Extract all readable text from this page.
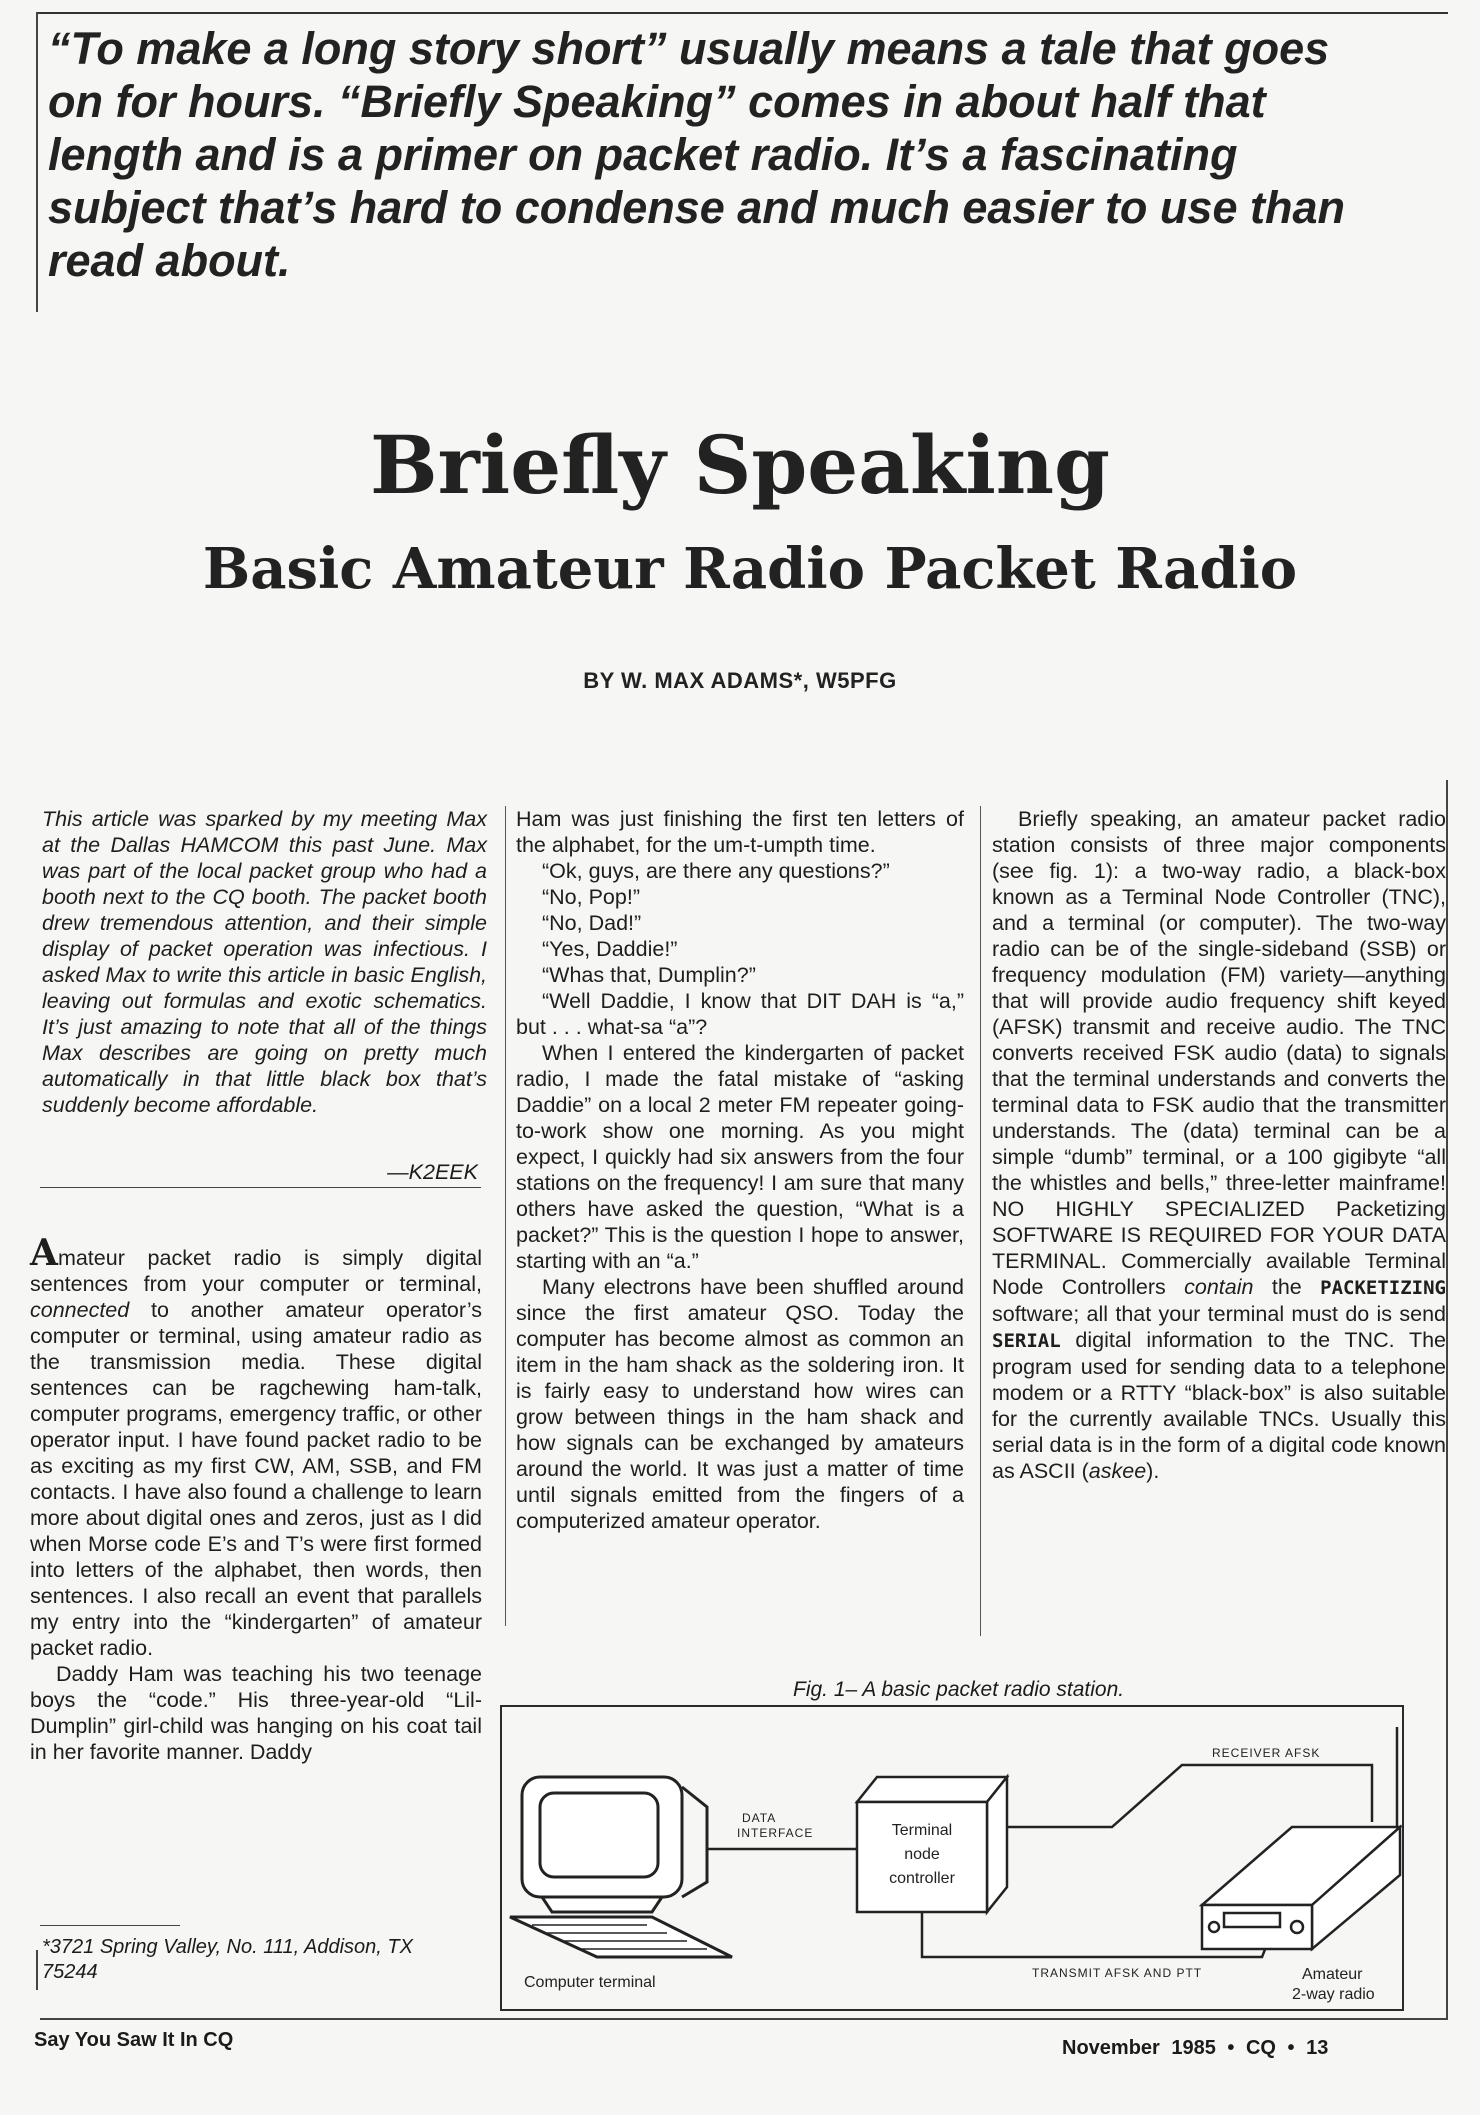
“To make a long story short” usually means a tale that goes on for hours. “Briefly Speaking” comes in about half that length and is a primer on packet radio. It’s a fascinating subject that’s hard to condense and much easier to use than read about.

Briefly Speaking
Basic Amateur Radio Packet Radio
BY W. MAX ADAMS*, W5PFG

This article was sparked by my meeting Max at the Dallas HAMCOM this past June. Max was part of the local packet group who had a booth next to the CQ booth. The packet booth drew tremendous attention, and their simple display of packet operation was infectious. I asked Max to write this article in basic English, leaving out formulas and exotic schematics. It’s just amazing to note that all of the things Max describes are going on pretty much automatically in that little black box that’s suddenly become affordable.

—K2EEK

Amateur packet radio is simply digital sentences from your computer or terminal, connected to another amateur operator’s computer or terminal, using amateur radio as the transmission media. These digital sentences can be ragchewing ham-talk, computer programs, emergency traffic, or other operator input. I have found packet radio to be as exciting as my first CW, AM, SSB, and FM contacts. I have also found a challenge to learn more about digital ones and zeros, just as I did when Morse code E’s and T’s were first formed into letters of the alphabet, then words, then sentences. I also recall an event that parallels my entry into the “kindergarten” of amateur packet radio.

Daddy Ham was teaching his two teenage boys the “code.” His three-year-old “Lil-Dumplin” girl-child was hanging on his coat tail in her favorite manner. Daddy

Ham was just finishing the first ten letters of the alphabet, for the um-t-umpth time.

“Ok, guys, are there any questions?”

“No, Pop!”

“No, Dad!”

“Yes, Daddie!”

“Whas that, Dumplin?”

“Well Daddie, I know that DIT DAH is “a,” but . . . what-sa “a”?

When I entered the kindergarten of packet radio, I made the fatal mistake of “asking Daddie” on a local 2 meter FM repeater going-to-work show one morning. As you might expect, I quickly had six answers from the four stations on the frequency! I am sure that many others have asked the question, “What is a packet?” This is the question I hope to answer, starting with an “a.”

Many electrons have been shuffled around since the first amateur QSO. Today the computer has become almost as common an item in the ham shack as the soldering iron. It is fairly easy to understand how wires can grow between things in the ham shack and how signals can be exchanged by amateurs around the world. It was just a matter of time until signals emitted from the fingers of a computerized amateur operator.

Briefly speaking, an amateur packet radio station consists of three major components (see fig. 1): a two-way radio, a black-box known as a Terminal Node Controller (TNC), and a terminal (or computer). The two-way radio can be of the single-sideband (SSB) or frequency modulation (FM) variety—anything that will provide audio frequency shift keyed (AFSK) transmit and receive audio. The TNC converts received FSK audio (data) to signals that the terminal understands and converts the terminal data to FSK audio that the transmitter understands. The (data) terminal can be a simple “dumb” terminal, or a 100 gigibyte “all the whistles and bells,” three-letter mainframe! NO HIGHLY SPECIALIZED Packetizing SOFTWARE IS REQUIRED FOR YOUR DATA TERMINAL. Commercially available Terminal Node Controllers contain the PACKETIZING software; all that your terminal must do is send SERIAL digital information to the TNC. The program used for sending data to a telephone modem or a RTTY “black-box” is also suitable for the currently available TNCs. Usually this serial data is in the form of a digital code known as ASCII (askee).

Fig. 1– A basic packet radio station.
Computer terminal
DATA
INTERFACE	Terminal
node
controller
RECEIVER AFSK
TRANSMIT AFSK AND PTT	Amateur
2-way radio
*3721 Spring Valley, No. 111, Addison, TX 75244
Say You Saw It In CQ	November 1985 • CQ • 13
